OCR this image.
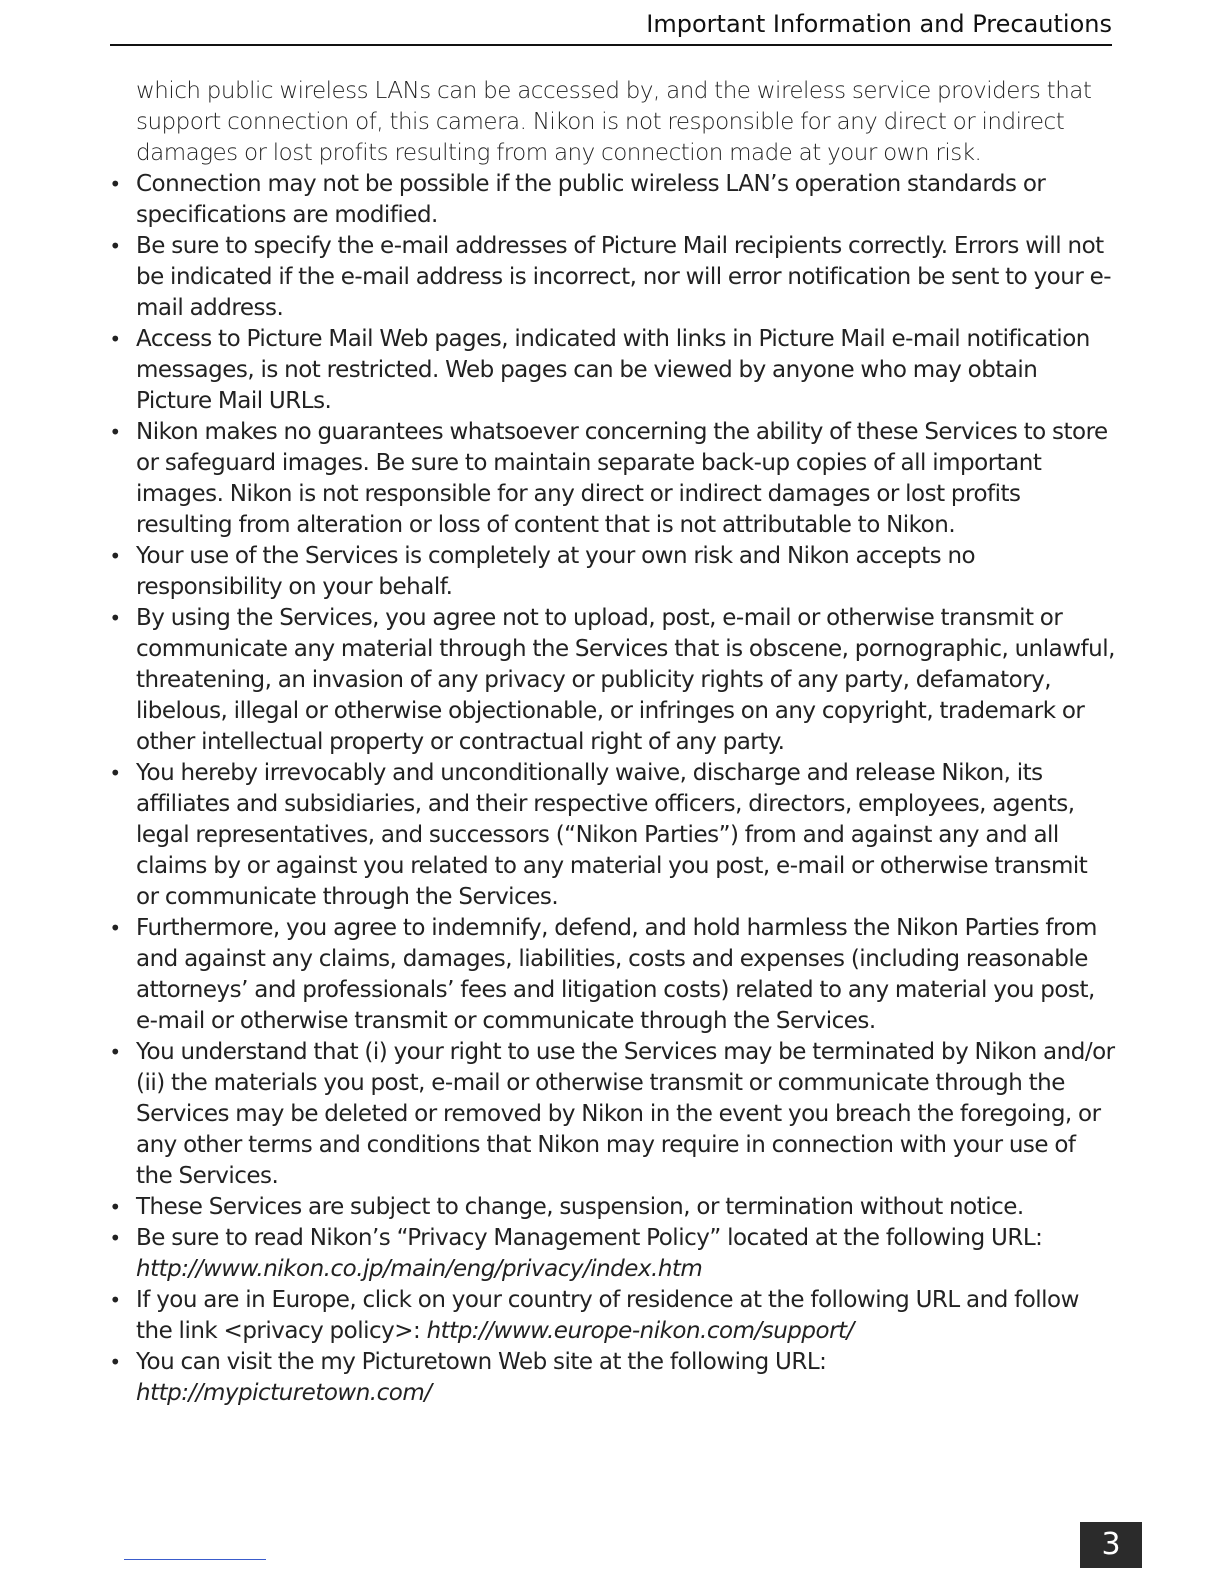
Important Information and Precautions
which public wireless LANs can be accessed by, and the wireless service providers that support connection of, this camera. Nikon is not responsible for any direct or indirect damages or lost profits resulting from any connection made at your own risk.
• Connection may not be possible if the public wireless LAN’s operation standards or specifications are modified.
• Be sure to specify the e-mail addresses of Picture Mail recipients correctly. Errors will not be indicated if the e-mail address is incorrect, nor will error notification be sent to your e-mail address.
• Access to Picture Mail Web pages, indicated with links in Picture Mail e-mail notification messages, is not restricted. Web pages can be viewed by anyone who may obtain Picture Mail URLs.
• Nikon makes no guarantees whatsoever concerning the ability of these Services to store or safeguard images. Be sure to maintain separate back-up copies of all important images. Nikon is not responsible for any direct or indirect damages or lost profits resulting from alteration or loss of content that is not attributable to Nikon.
• Your use of the Services is completely at your own risk and Nikon accepts no responsibility on your behalf.
• By using the Services, you agree not to upload, post, e-mail or otherwise transmit or communicate any material through the Services that is obscene, pornographic, unlawful, threatening, an invasion of any privacy or publicity rights of any party, defamatory, libelous, illegal or otherwise objectionable, or infringes on any copyright, trademark or other intellectual property or contractual right of any party.
• You hereby irrevocably and unconditionally waive, discharge and release Nikon, its affiliates and subsidiaries, and their respective officers, directors, employees, agents, legal representatives, and successors (“Nikon Parties”) from and against any and all claims by or against you related to any material you post, e-mail or otherwise transmit or communicate through the Services.
• Furthermore, you agree to indemnify, defend, and hold harmless the Nikon Parties from and against any claims, damages, liabilities, costs and expenses (including reasonable attorneys’ and professionals’ fees and litigation costs) related to any material you post, e-mail or otherwise transmit or communicate through the Services.
• You understand that (i) your right to use the Services may be terminated by Nikon and/or (ii) the materials you post, e-mail or otherwise transmit or communicate through the Services may be deleted or removed by Nikon in the event you breach the foregoing, or any other terms and conditions that Nikon may require in connection with your use of the Services.
• These Services are subject to change, suspension, or termination without notice.
• Be sure to read Nikon’s “Privacy Management Policy” located at the following URL:
http://www.nikon.co.jp/main/eng/privacy/index.htm
• If you are in Europe, click on your country of residence at the following URL and follow the link <privacy policy>: http://www.europe-nikon.com/support/
• You can visit the my Picturetown Web site at the following URL:
http://mypicturetown.com/
3
